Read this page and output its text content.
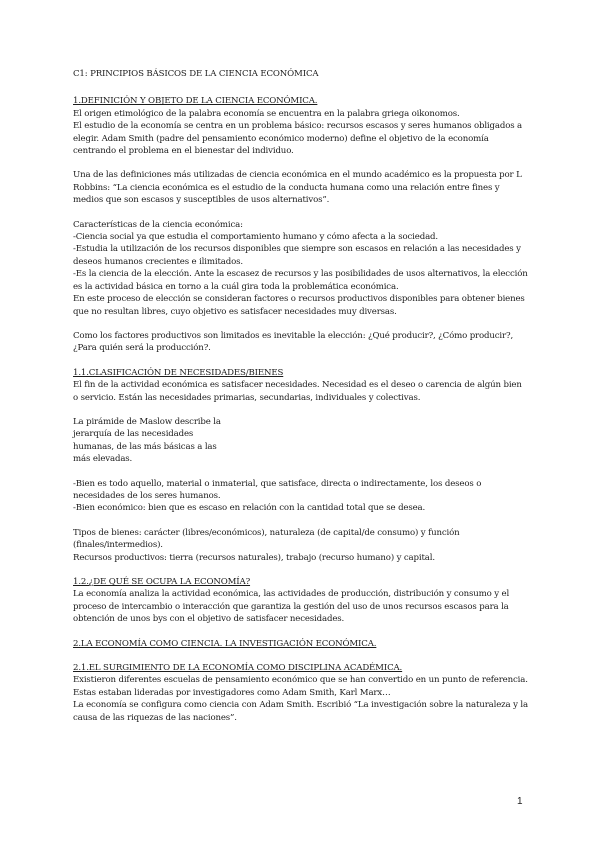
C1: PRINCIPIOS BÁSICOS DE LA CIENCIA ECONÓMICA

1.DEFINICIÓN Y OBJETO DE LA CIENCIA ECONÓMICA.

El origen etimológico de la palabra economía se encuentra en la palabra griega oikonomos.

El estudio de la economía se centra en un problema básico: recursos escasos y seres humanos obligados a elegir. Adam Smith (padre del pensamiento económico moderno) define el objetivo de la economía centrando el problema en el bienestar del individuo.

Una de las definiciones más utilizadas de ciencia económica en el mundo académico es la propuesta por L Robbins: “La ciencia económica es el estudio de la conducta humana como una relación entre fines y medios que son escasos y susceptibles de usos alternativos”.

Características de la ciencia económica:

-Ciencia social ya que estudia el comportamiento humano y cómo afecta a la sociedad.

-Estudia la utilización de los recursos disponibles que siempre son escasos en relación a las necesidades y deseos humanos crecientes e ilimitados.

-Es la ciencia de la elección. Ante la escasez de recursos y las posibilidades de usos alternativos, la elección es la actividad básica en torno a la cuál gira toda la problemática económica.

En este proceso de elección se consideran factores o recursos productivos disponibles para obtener bienes que no resultan libres, cuyo objetivo es satisfacer necesidades muy diversas.

Como los factores productivos son limitados es inevitable la elección: ¿Qué producir?, ¿Cómo producir?, ¿Para quién será la producción?.

1.1.CLASIFICACIÓN DE NECESIDADES/BIENES

El fin de la actividad económica es satisfacer necesidades. Necesidad es el deseo o carencia de algún bien o servicio. Están las necesidades primarias, secundarias, individuales y colectivas.

La pirámide de Maslow describe la jerarquía de las necesidades humanas, de las más básicas a las más elevadas.

-Bien es todo aquello, material o inmaterial, que satisface, directa o indirectamente, los deseos o necesidades de los seres humanos.

-Bien económico: bien que es escaso en relación con la cantidad total que se desea.

Tipos de bienes: carácter (libres/económicos), naturaleza (de capital/de consumo) y función (finales/intermedios).

Recursos productivos: tierra (recursos naturales), trabajo (recurso humano) y capital.

1.2.¿DE QUÉ SE OCUPA LA ECONOMÍA?

La economía analiza la actividad económica, las actividades de producción, distribución y consumo y el proceso de intercambio o interacción que garantiza la gestión del uso de unos recursos escasos para la obtención de unos bys con el objetivo de satisfacer necesidades.

2.LA ECONOMÍA COMO CIENCIA. LA INVESTIGACIÓN ECONÓMICA.

2.1.EL SURGIMIENTO DE LA ECONOMÍA COMO DISCIPLINA ACADÉMICA.

Existieron diferentes escuelas de pensamiento económico que se han convertido en un punto de referencia. Estas estaban lideradas por investigadores como Adam Smith, Karl Marx…

La economía se configura como ciencia con Adam Smith. Escribió “La investigación sobre la naturaleza y la causa de las riquezas de las naciones”.

1
